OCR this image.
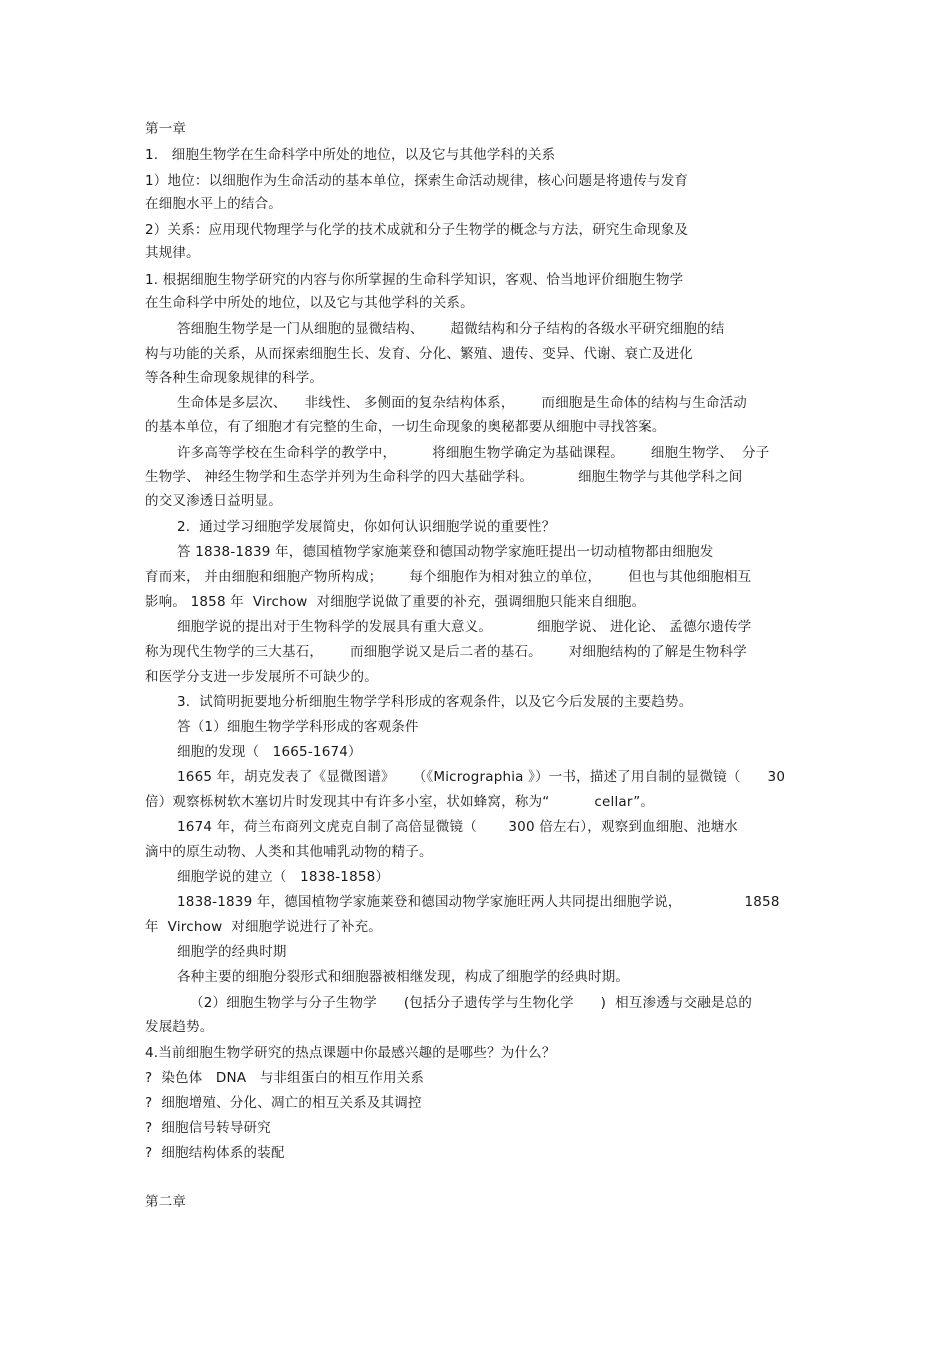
第一章
1.   细胞生物学在生命科学中所处的地位，以及它与其他学科的关系
1）地位：以细胞作为生命活动的基本单位，探索生命活动规律，核心问题是将遗传与发育
在细胞水平上的结合。
2）关系：应用现代物理学与化学的技术成就和分子生物学的概念与方法，研究生命现象及
其规律。
1. 根据细胞生物学研究的内容与你所掌握的生命科学知识，客观、恰当地评价细胞生物学
在生命科学中所处的地位，以及它与其他学科的关系。
答细胞生物学是一门从细胞的显微结构、      超微结构和分子结构的各级水平研究细胞的结
构与功能的关系，从而探索细胞生长、发育、分化、繁殖、遗传、变异、代谢、衰亡及进化
等各种生命现象规律的科学。
生命体是多层次、    非线性、 多侧面的复杂结构体系，      而细胞是生命体的结构与生命活动
的基本单位，有了细胞才有完整的生命，一切生命现象的奥秘都要从细胞中寻找答案。
许多高等学校在生命科学的教学中，        将细胞生物学确定为基础课程。      细胞生物学、  分子
生物学、 神经生物学和生态学并列为生命科学的四大基础学科。          细胞生物学与其他学科之间
的交叉渗透日益明显。
2.  通过学习细胞学发展简史，你如何认识细胞学说的重要性？
答 1838-1839 年，德国植物学家施莱登和德国动物学家施旺提出一切动植物都由细胞发
育而来， 并由细胞和细胞产物所构成；      每个细胞作为相对独立的单位，      但也与其他细胞相互
影响。 1858 年  Virchow  对细胞学说做了重要的补充，强调细胞只能来自细胞。
细胞学说的提出对于生物科学的发展具有重大意义。          细胞学说、 进化论、 孟德尔遗传学
称为现代生物学的三大基石，      而细胞学说又是后二者的基石。      对细胞结构的了解是生物科学
和医学分支进一步发展所不可缺少的。
3.  试简明扼要地分析细胞生物学学科形成的客观条件，以及它今后发展的主要趋势。
答（1）细胞生物学学科形成的客观条件
细胞的发现（   1665-1674）
1665 年，胡克发表了《显微图谱》    （《Micrographia 》）一书，描述了用自制的显微镜（      30
倍）观察栎树软木塞切片时发现其中有许多小室，状如蜂窝，称为“          cellar”。
1674 年，荷兰布商列文虎克自制了高倍显微镜（       300 倍左右），观察到血细胞、池塘水
滴中的原生动物、人类和其他哺乳动物的精子。
细胞学说的建立（   1838-1858）
1838-1839 年，德国植物学家施莱登和德国动物学家施旺两人共同提出细胞学说，              1858
年  Virchow  对细胞学说进行了补充。
细胞学的经典时期
各种主要的细胞分裂形式和细胞器被相继发现，构成了细胞学的经典时期。
（2）细胞生物学与分子生物学      (包括分子遗传学与生物化学      )  相互渗透与交融是总的
发展趋势。
4.当前细胞生物学研究的热点课题中你最感兴趣的是哪些？为什么？
?  染色体   DNA   与非组蛋白的相互作用关系
?  细胞增殖、分化、凋亡的相互关系及其调控
?  细胞信号转导研究
?  细胞结构体系的装配
第二章
